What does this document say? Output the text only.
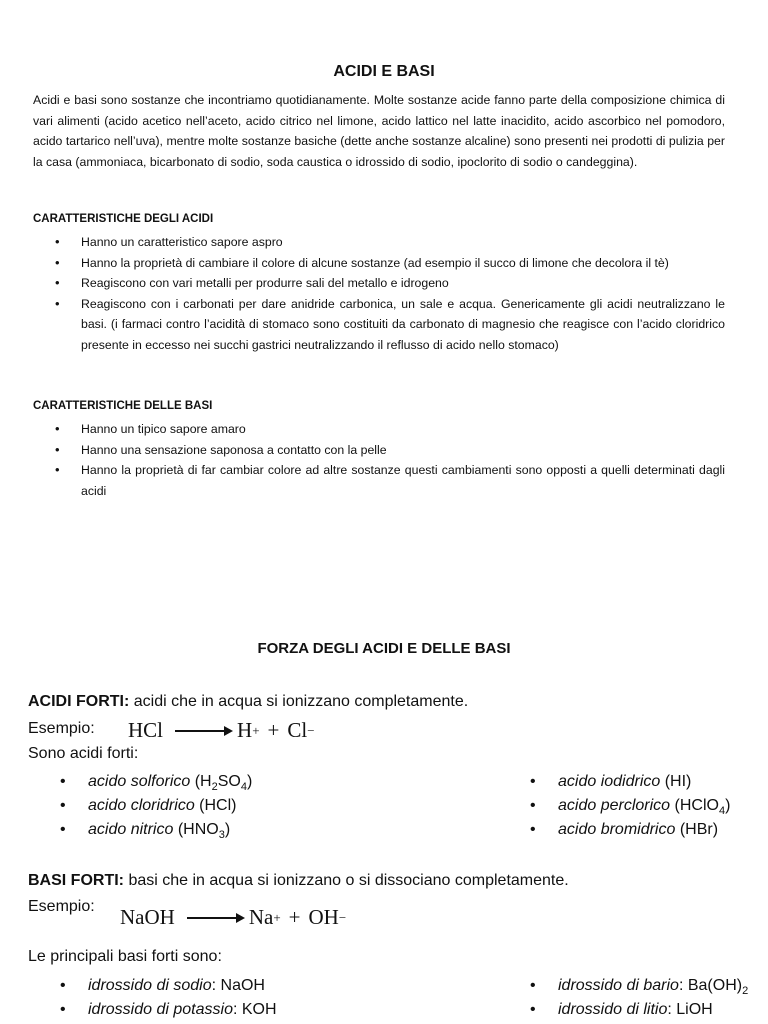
ACIDI E BASI

Acidi e basi sono sostanze che incontriamo quotidianamente. Molte sostanze acide fanno parte della composizione chimica di vari alimenti (acido acetico nell’aceto, acido citrico nel limone, acido lattico nel latte inacidito, acido ascorbico nel pomodoro, acido tartarico nell’uva), mentre molte sostanze basiche (dette anche sostanze alcaline) sono presenti nei prodotti di pulizia per la casa (ammoniaca, bicarbonato di sodio, soda caustica o idrossido di sodio, ipoclorito di sodio o candeggina).

CARATTERISTICHE DEGLI ACIDI
• Hanno un caratteristico sapore aspro
• Hanno la proprietà di cambiare il colore di alcune sostanze (ad esempio il succo di limone che decolora il tè)
• Reagiscono con vari metalli per produrre sali del metallo e idrogeno
• Reagiscono con i carbonati per dare anidride carbonica, un sale e acqua. Genericamente gli acidi neutralizzano le basi. (i farmaci contro l’acidità di stomaco sono costituiti da carbonato di magnesio che reagisce con l’acido cloridrico presente in eccesso nei succhi gastrici neutralizzando il reflusso di acido nello stomaco)
CARATTERISTICHE DELLE BASI
• Hanno un tipico sapore amaro
• Hanno una sensazione saponosa a contatto con la pelle
• Hanno la proprietà di far cambiar colore ad altre sostanze questi cambiamenti sono opposti a quelli determinati dagli acidi
FORZA DEGLI ACIDI E DELLE BASI
ACIDI FORTI: acidi che in acqua si ionizzano completamente.
Esempio: HCl → H + + Cl −
Sono acidi forti:
• acido solforico $(H_2SO_4)$
• acido cloridrico (HCl)
• acido nitrico $(HNO_3)$
• acido iodidrico (HI)
• acido perclorico (HClO$_4$)
• acido bromidrico (HBr)
BASI FORTI: basi che in acqua si ionizzano o si dissociano completamente.
Esempio: NaOH → Na + + OH −
Le principali basi forti sono:
• idrossido di sodio: NaOH
• idrossido di potassio: KOH
• idrossido di bario: $Ba(OH)_2$
• idrossido di litio: LiOH
